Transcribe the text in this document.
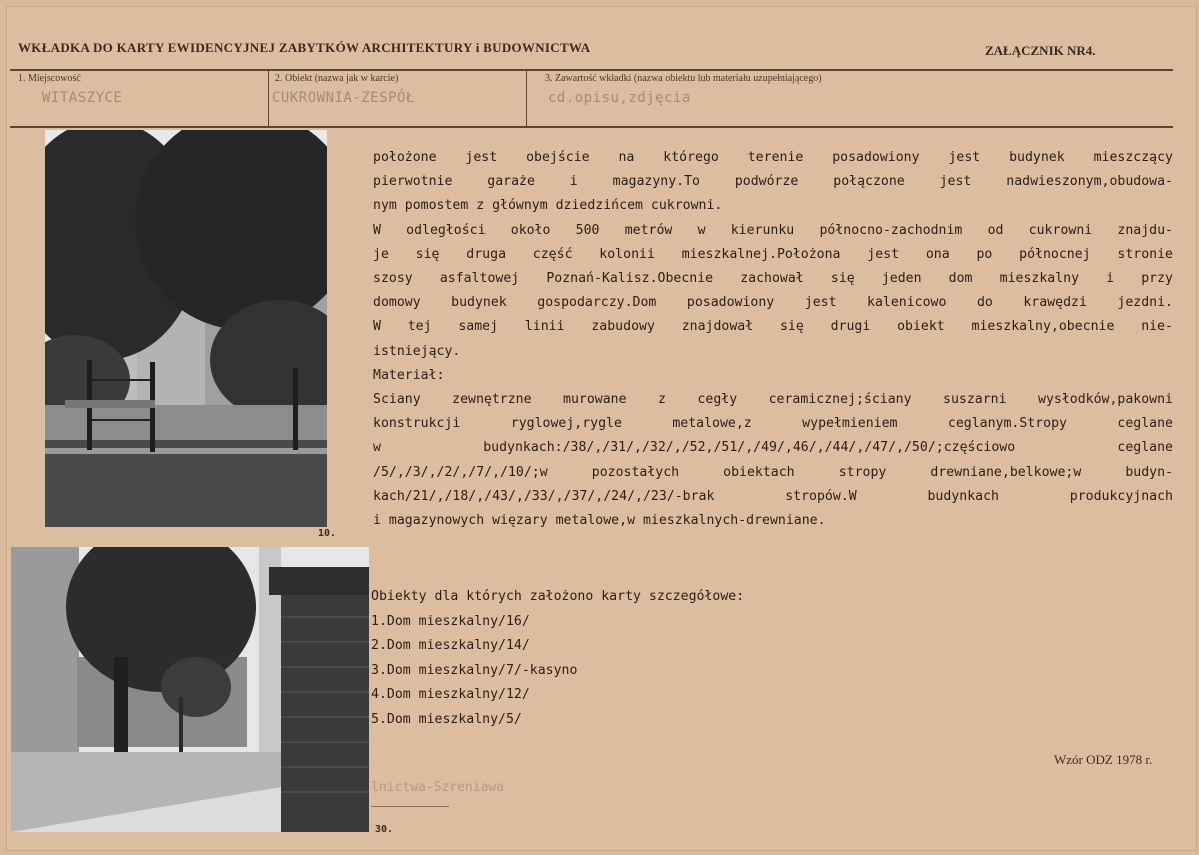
WKŁADKA DO KARTY EWIDENCYJNEJ ZABYTKÓW ARCHITEKTURY i BUDOWNICTWA	ZAŁĄCZNIK NR4.
1. Miejscowość
WITASZYCE
2. Obiekt (nazwa jak w karcie)
CUKROWNIA-ZESPÓŁ
3. Zawartość wkładki (nazwa obiektu lub materiału uzupełniającego)
cd.opisu,zdjęcia
10.
30.
położone jest obejście na którego terenie posadowiony jest budynek mieszczący
pierwotnie garaże i magazyny.To podwórze połączone jest nadwieszonym,obudowa-
nym pomostem z głównym dziedzińcem cukrowni.
W odległości około 500 metrów w kierunku północno-zachodnim od cukrowni znajdu-
je się druga część kolonii mieszkalnej.Położona jest ona po północnej stronie
szosy asfaltowej Poznań-Kalisz.Obecnie zachował się jeden dom mieszkalny i przy
domowy budynek gospodarczy.Dom posadowiony jest kalenicowo do krawędzi jezdni.
W tej samej linii zabudowy znajdował się drugi obiekt mieszkalny,obecnie nie-
istniejący.
Materiał:
Sciany zewnętrzne murowane z cegły ceramicznej;ściany suszarni wysłodków,pakowni
konstrukcji ryglowej,rygle metalowe,z wypełmieniem ceglanym.Stropy ceglane
w budynkach:/38/,/31/,/32/,/52,/51/,/49/,46/,/44/,/47/,/50/;częściowo ceglane
/5/,/3/,/2/,/7/,/10/;w pozostałych obiektach stropy drewniane,belkowe;w budyn-
kach/21/,/18/,/43/,/33/,/37/,/24/,/23/-brak stropów.W budynkach produkcyjnach
i magazynowych więzary metalowe,w mieszkalnych-drewniane.
Obiekty dla których założono karty szczegółowe:
1.Dom mieszkalny/16/
2.Dom mieszkalny/14/
3.Dom mieszkalny/7/-kasyno
4.Dom mieszkalny/12/
5.Dom mieszkalny/5/
lnictwa-Szreniawa
Wzór ODZ 1978 r.
